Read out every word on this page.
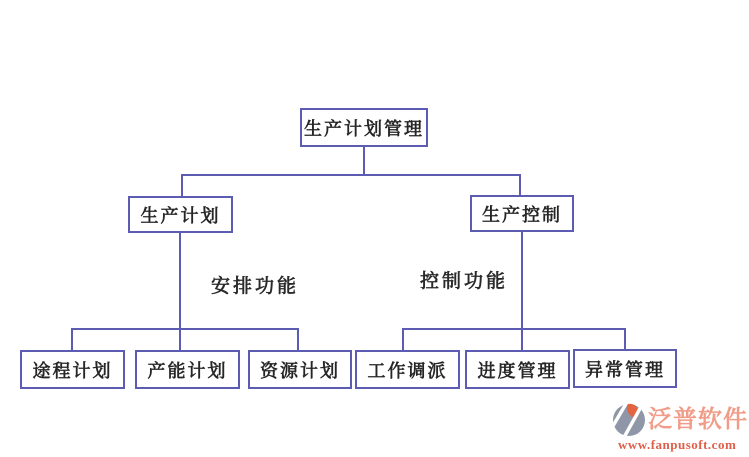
生产计划管理
生产计划	生产控制
安排功能	控制功能
途程计划	产能计划	资源计划	工作调派	进度管理	异常管理
泛普软件
www.fanpusoft.com
